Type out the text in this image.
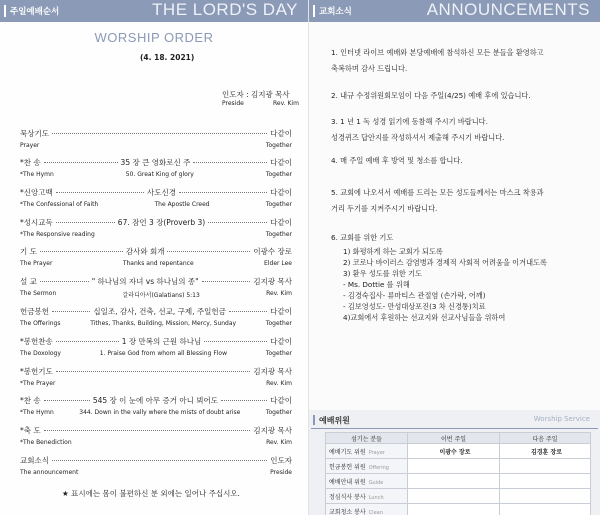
주일예배순서	THE LORD'S DAY
WORSHIP ORDER
(4. 18. 2021)
인도자 : 김지광 목사
Preside	Rev. Kim
묵상기도	다같이
Prayer	Together
*찬 송	35 장 큰 영화로신 주	다같이
*The Hymn	50. Great King of glory	Together
*신앙고백	사도신경	다같이
*The Confessional of Faith	The Apostle Creed	Together
*성시교독	67. 잠언 3 장(Proverb 3)	다같이
*The Responsive reading	Together
기 도	감사와 회개	이광수 장로
The Prayer	Thanks and repentance	Elder Lee
설 교	" 하나님의 자녀 vs 하나님의 종"	김지광 목사
The Sermon	갈라디아서(Galatians) 5:13	Rev. Kim
헌금봉헌	십일조, 감사, 건축, 선교, 구제, 주일헌금	다같이
The Offerings	Tithes, Thanks, Building, Mission, Mercy, Sunday	Together
*봉헌찬송	1 장 만복의 근원 하나님	다같이
The Doxology	1. Praise God from whom all Blessing Flow	Together
*봉헌기도	김지광 목사
*The Prayer	Rev. Kim
*찬 송	545 장 이 눈에 아무 증거 아니 뵈어도	다같이
*The Hymn	344. Down in the vally where the mists of doubt arise	Together
*축 도	김지광 목사
*The Benediction	Rev. Kim
교회소식	인도자
The announcement	Preside
★ 표시에는 몸이 불편하신 분 외에는 일어나 주십시오.
교회소식	ANNOUNCEMENTS
1. 인터넷 라이브 예배와 본당예배에 참석하신 모든 분들을 환영하고
축복하며 감사 드립니다.
2. 내규 수정위원회모임이 다음 주일(4/25) 예배 후에 있습니다.
3. 1 년 1 독 성경 읽기에 동참해 주시기 바랍니다.
성경퀴즈 답안지를 작성하셔서 제출해 주시기 바랍니다.
4. 매 주일 예배 후 방역 및 청소를 합니다.
5. 교회에 나오셔서 예배를 드리는 모든 성도들께서는 마스크 착용과
거리 두기를 지켜주시기 바랍니다.
6. 교회를 위한 기도
1) 화평하게 하는 교회가 되도록
2) 코로나 바이러스 감염병과 경제적 사회적 어려움을 이겨내도록
3) 환우 성도를 위한 기도
- Ms. Dottie 를 위해
- 김경숙집사- 류마티스 관절염 (손가락, 어깨)
- 김보영성도- 만성대상포진(3 차 신경통)치료
4)교회에서 후원하는 선교지와 선교사님들을 위하여
예배위원	Worship Service
섬기는 분들	이번 주일	다음 주일
예배기도 위원 Prayer	이광수 장로	김경훈 장로
헌금봉헌 위원 Offering		
예배안내 위원 Guide		
정심식사 봉사 Lunch		
교회청소 봉사 Clean		
